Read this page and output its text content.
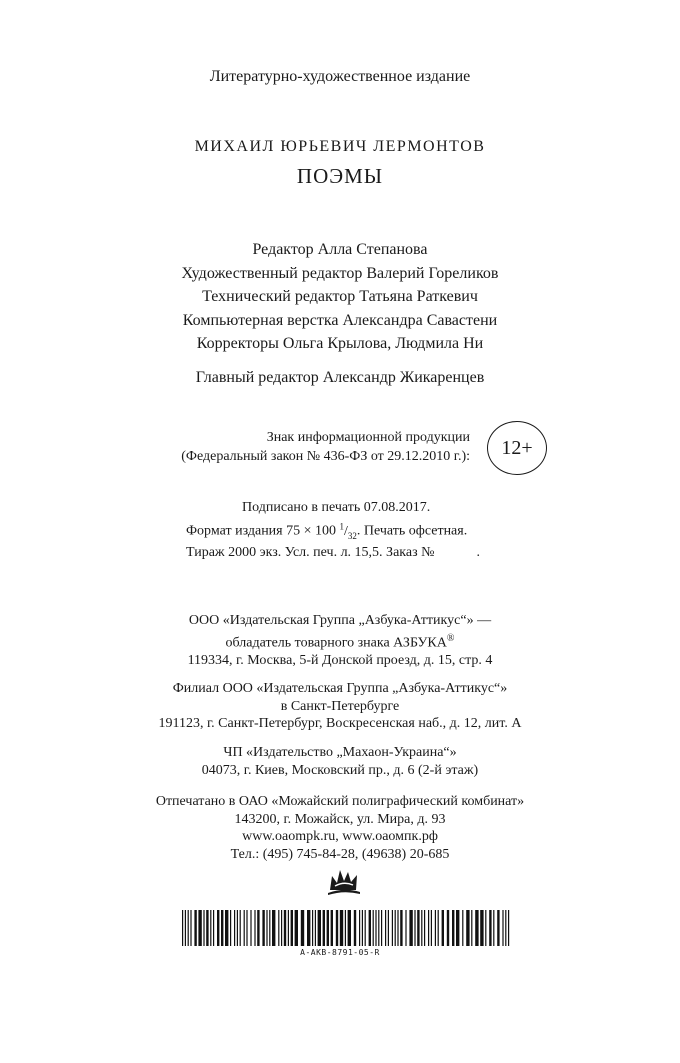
Литературно-художественное издание
МИХАИЛ ЮРЬЕВИЧ ЛЕРМОНТОВ
ПОЭМЫ
Редактор Алла Степанова
Художественный редактор Валерий Гореликов
Технический редактор Татьяна Раткевич
Компьютерная верстка Александра Савастени
Корректоры Ольга Крылова, Людмила Ни
Главный редактор Александр Жикаренцев
Знак информационной продукции
(Федеральный закон № 436-ФЗ от 29.12.2010 г.): 12+
Подписано в печать 07.08.2017.
Формат издания 75 × 100 $^1/_{32}$. Печать офсетная.
Тираж 2000 экз. Усл. печ. л. 15,5. Заказ №            .
ООО «Издательская Группа „Азбука-Аттикус“» —
обладатель товарного знака АЗБУКА®
119334, г. Москва, 5-й Донской проезд, д. 15, стр. 4
Филиал ООО «Издательская Группа „Азбука-Аттикус“»
в Санкт-Петербурге
191123, г. Санкт-Петербург, Воскресенская наб., д. 12, лит. А
ЧП «Издательство „Махаон-Украина“»
04073, г. Киев, Московский пр., д. 6 (2-й этаж)
Отпечатано в ОАО «Можайский полиграфический комбинат»
143200, г. Можайск, ул. Мира, д. 93
www.oaompk.ru, www.оаомпк.рф
Тел.: (495) 745-84-28, (49638) 20-685
A-AKB-8791-05-R
